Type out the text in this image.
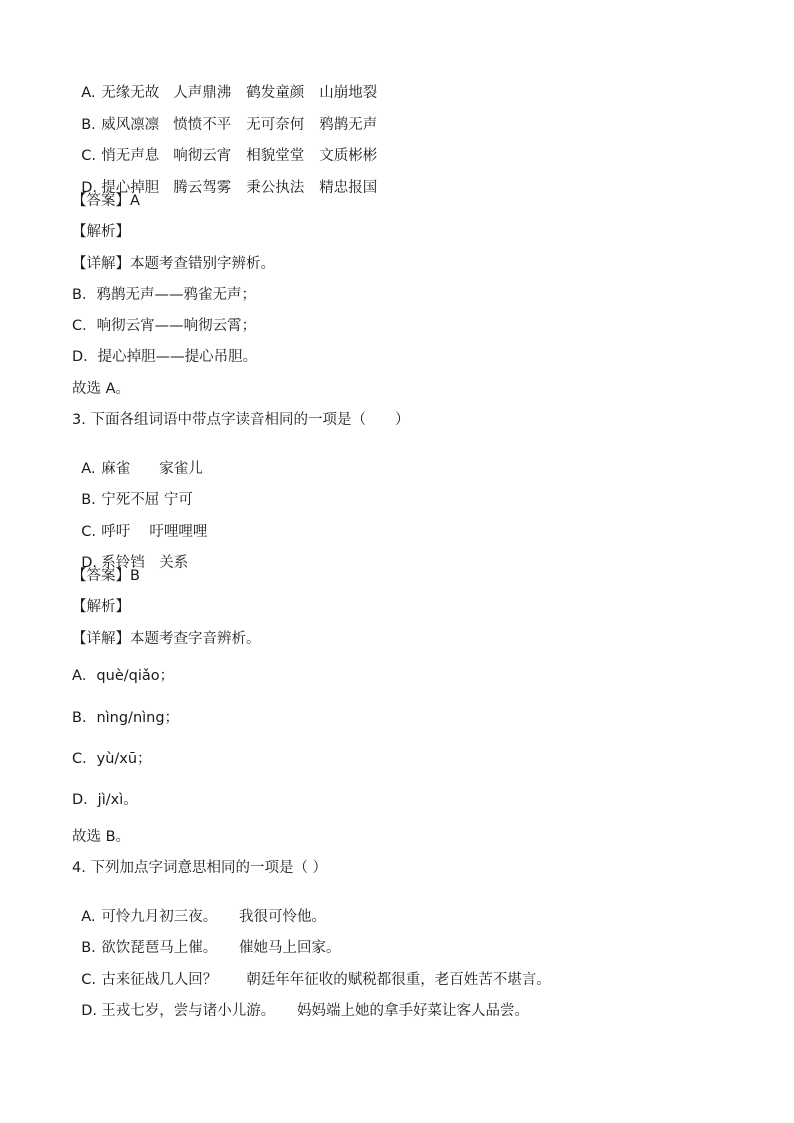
A. 无缘无故 人声鼎沸 鹤发童颜 山崩地裂

B. 威风凛凛 愤愤不平 无可奈何 鸦鹊无声

C. 悄无声息 响彻云宵 相貌堂堂 文质彬彬

D. 提心掉胆 腾云驾雾 秉公执法 精忠报国

【答案】A
【解析】
【详解】本题考查错别字辨析。
B．鸦鹊无声——鸦雀无声；
C．响彻云宵——响彻云霄；
D．提心掉胆——提心吊胆。
故选 A。
3. 下面各组词语中带点字读音相同的一项是（　　）

A. 麻雀　　家雀儿

B. 宁死不屈 宁可

C. 呼吁　 吁哩哩哩

D. 系铃铛　关系

【答案】B
【解析】
【详解】本题考查字音辨析。
A．què/qiǎo；
B．nìng/nìng；
C．yù/xū；
D．jì/xì。
故选 B。
4. 下列加点字词意思相同的一项是（ ）

A. 可怜九月初三夜。　　我很可怜他。

B. 欲饮琵琶马上催。　　催她马上回家。

C. 古来征战几人回？　　朝廷年年征收的赋税都很重，老百姓苦不堪言。

D. 王戎七岁，尝与诸小儿游。　　妈妈端上她的拿手好菜让客人品尝。
